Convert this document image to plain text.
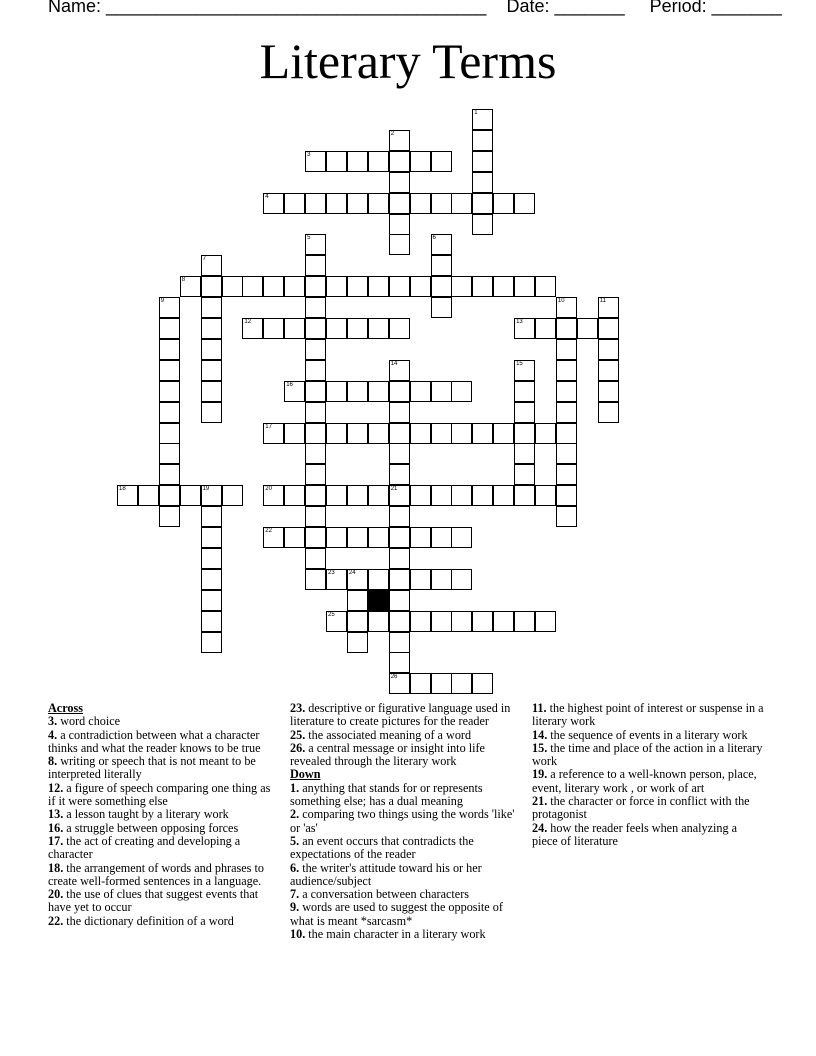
Name: ______________________________________ Date: _______ Period: _______
Literary Terms
1
2
3
4
5	6
7
8
9	10	11
12	13
14
21
26
15
16
17
18	19	20
22
23 24
25

Across

3. word choice

4. a contradiction between what a character thinks and what the reader knows to be true

8. writing or speech that is not meant to be interpreted literally

12. a figure of speech comparing one thing as if it were something else

13. a lesson taught by a literary work

16. a struggle between opposing forces

17. the act of creating and developing a character

18. the arrangement of words and phrases to create well-formed sentences in a language.

20. the use of clues that suggest events that have yet to occur

22. the dictionary definition of a word

23. descriptive or figurative language used in literature to create pictures for the reader

25. the associated meaning of a word

26. a central message or insight into life revealed through the literary work

Down

1. anything that stands for or represents something else; has a dual meaning

2. comparing two things using the words 'like' or 'as'

5. an event occurs that contradicts the expectations of the reader

6. the writer's attitude toward his or her audience/subject

7. a conversation between characters

9. words are used to suggest the opposite of what is meant *sarcasm*

10. the main character in a literary work

11. the highest point of interest or suspense in a literary work

14. the sequence of events in a literary work

15. the time and place of the action in a literary work

19. a reference to a well-known person, place, event, literary work , or work of art

21. the character or force in conflict with the protagonist

24. how the reader feels when analyzing a piece of literature
